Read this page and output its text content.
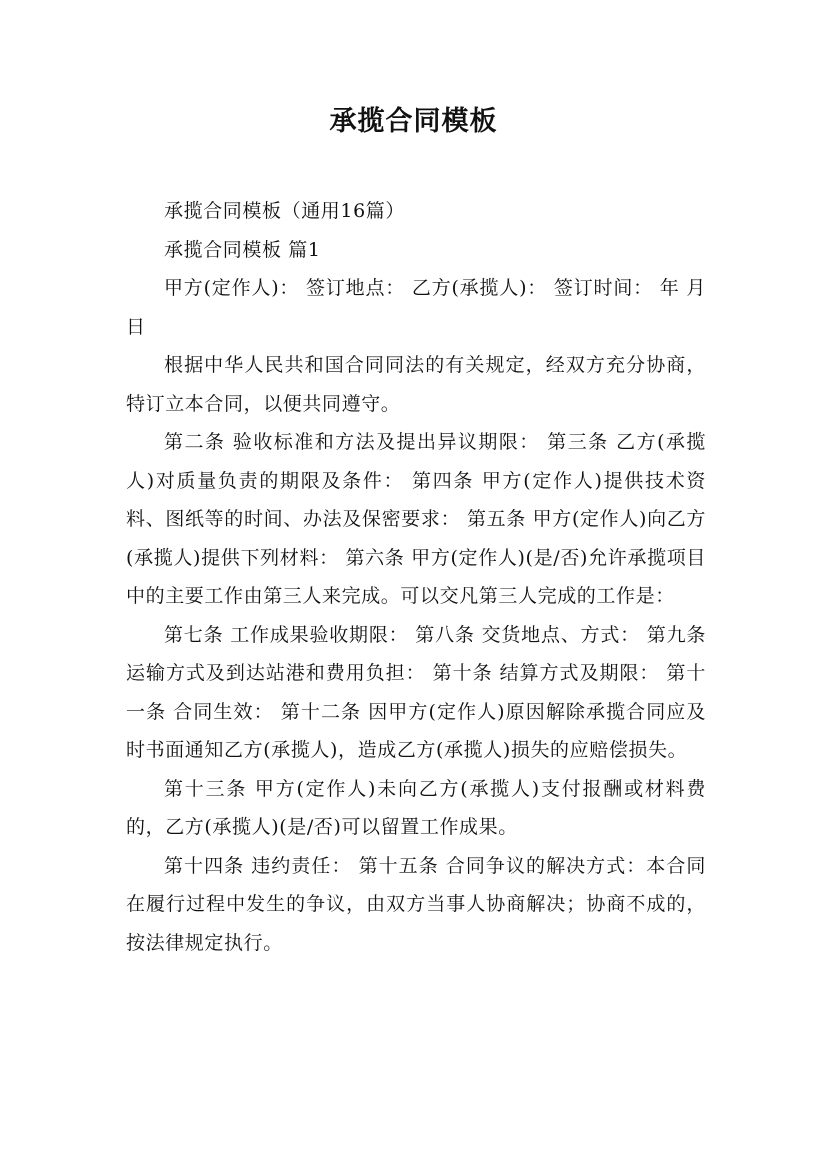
承揽合同模板

承揽合同模板（通用16篇）

承揽合同模板 篇1

甲方(定作人)： 签订地点： 乙方(承揽人)： 签订时间： 年 月 日

根据中华人民共和国合同同法的有关规定，经双方充分协商，特订立本合同，以便共同遵守。

第二条 验收标准和方法及提出异议期限： 第三条 乙方(承揽人)对质量负责的期限及条件： 第四条 甲方(定作人)提供技术资料、图纸等的时间、办法及保密要求： 第五条 甲方(定作人)向乙方(承揽人)提供下列材料： 第六条 甲方(定作人)(是/否)允许承揽项目中的主要工作由第三人来完成。可以交凡第三人完成的工作是：

第七条 工作成果验收期限： 第八条 交货地点、方式： 第九条 运输方式及到达站港和费用负担： 第十条 结算方式及期限： 第十一条 合同生效： 第十二条 因甲方(定作人)原因解除承揽合同应及时书面通知乙方(承揽人)，造成乙方(承揽人)损失的应赔偿损失。

第十三条 甲方(定作人)未向乙方(承揽人)支付报酬或材料费的，乙方(承揽人)(是/否)可以留置工作成果。

第十四条 违约责任： 第十五条 合同争议的解决方式：本合同在履行过程中发生的争议，由双方当事人协商解决；协商不成的，按法律规定执行。
